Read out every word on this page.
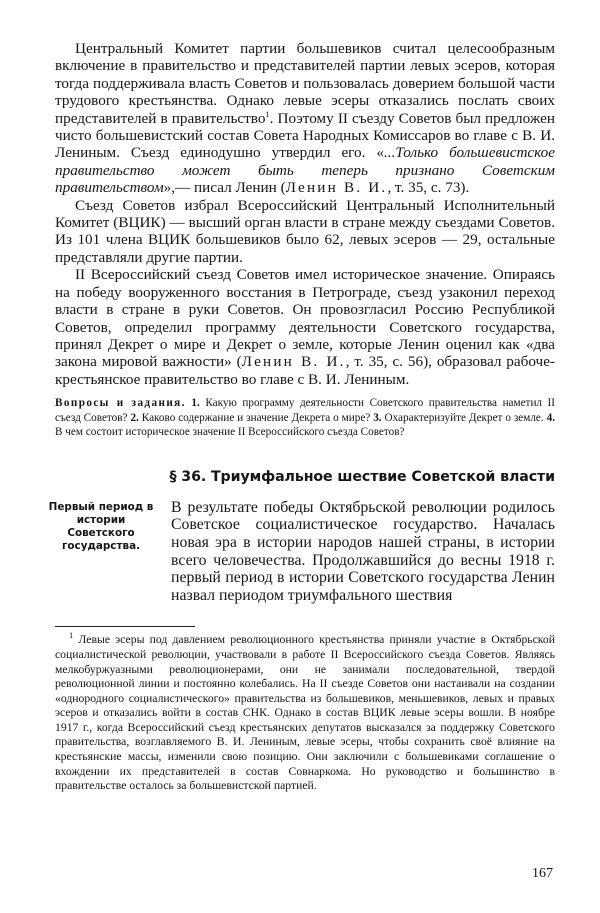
Центральный Комитет партии большевиков считал целесообразным включение в правительство и представителей партии левых эсеров, которая тогда поддерживала власть Советов и пользовалась доверием большой части трудового крестьянства. Однако левые эсеры отказались послать своих представителей в правительство$^1$. Поэтому II съезду Советов был предложен чисто большевистский состав Совета Народных Комиссаров во главе с В. И. Лениным. Съезд единодушно утвердил его. «...Только большевистское правительство может быть теперь признано Советским правительством»,— писал Ленин (Ленин В. И., т. 35, с. 73).

Съезд Советов избрал Всероссийский Центральный Исполнительный Комитет (ВЦИК) — высший орган власти в стране между съездами Советов. Из 101 члена ВЦИК большевиков было 62, левых эсеров — 29, остальные представляли другие партии.

II Всероссийский съезд Советов имел историческое значение. Опираясь на победу вооруженного восстания в Петрограде, съезд узаконил переход власти в стране в руки Советов. Он провозгласил Россию Республикой Советов, определил программу деятельности Советского государства, принял Декрет о мире и Декрет о земле, которые Ленин оценил как «два закона мировой важности» (Ленин В. И., т. 35, с. 56), образовал рабоче-крестьянское правительство во главе с В. И. Лениным.

Вопросы и задания. 1. Какую программу деятельности Советского правительства наметил II съезд Советов? 2. Каково содержание и значение Декрета о мире? 3. Охарактеризуйте Декрет о земле. 4. В чем состоит историческое значение II Всероссийского съезда Советов?

§ 36. Триумфальное шествие Советской власти
Первый период в истории Советского государства.

В результате победы Октябрьской революции родилось Советское социалистическое государство. Началась новая эра в истории народов нашей страны, в истории всего человечества. Продолжавшийся до весны 1918 г. первый период в истории Советского государства Ленин назвал периодом триумфального шествия

$^1$ Левые эсеры под давлением революционного крестьянства приняли участие в Октябрьской социалистической революции, участвовали в работе II Всероссийского съезда Советов. Являясь мелкобуржуазными революционерами, они не занимали последовательной, твердой революционной линии и постоянно колебались. На II съезде Советов они настаивали на создании «однородного социалистического» правительства из большевиков, меньшевиков, левых и правых эсеров и отказались войти в состав СНК. Однако в состав ВЦИК левые эсеры вошли. В ноябре 1917 г., когда Всероссийский съезд крестьянских депутатов высказался за поддержку Советского правительства, возглавляемого В. И. Лениным, левые эсеры, чтобы сохранить своё влияние на крестьянские массы, изменили свою позицию. Они заключили с большевиками соглашение о вхождении их представителей в состав Совнаркома. Но руководство и большинство в правительстве осталось за большевистской партией.

167
